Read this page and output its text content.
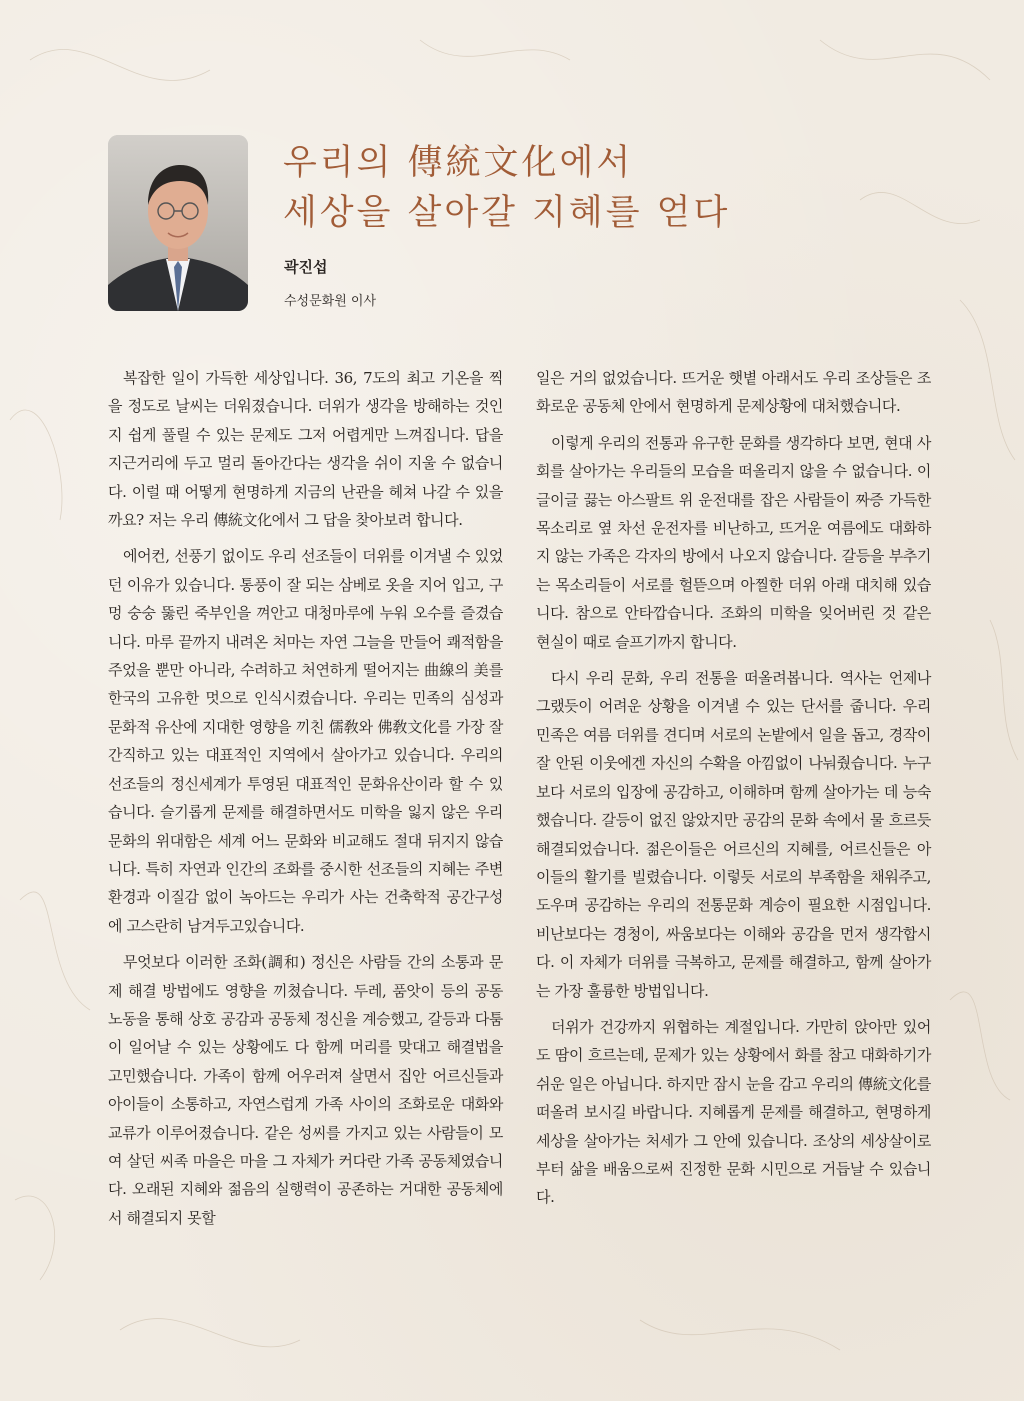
우리의 傳統文化에서
세상을 살아갈 지혜를 얻다
곽진섭
수성문화원 이사

복잡한 일이 가득한 세상입니다. 36, 7도의 최고 기온을 찍을 정도로 날씨는 더워졌습니다. 더위가 생각을 방해하는 것인지 쉽게 풀릴 수 있는 문제도 그저 어렵게만 느껴집니다. 답을 지근거리에 두고 멀리 돌아간다는 생각을 쉬이 지울 수 없습니다. 이럴 때 어떻게 현명하게 지금의 난관을 헤쳐 나갈 수 있을까요? 저는 우리 傳統文化에서 그 답을 찾아보려 합니다.

에어컨, 선풍기 없이도 우리 선조들이 더위를 이겨낼 수 있었던 이유가 있습니다. 통풍이 잘 되는 삼베로 옷을 지어 입고, 구멍 숭숭 뚫린 죽부인을 껴안고 대청마루에 누워 오수를 즐겼습니다. 마루 끝까지 내려온 처마는 자연 그늘을 만들어 쾌적함을 주었을 뿐만 아니라, 수려하고 처연하게 떨어지는 曲線의 美를 한국의 고유한 멋으로 인식시켰습니다. 우리는 민족의 심성과 문화적 유산에 지대한 영향을 끼친 儒敎와 佛敎文化를 가장 잘 간직하고 있는 대표적인 지역에서 살아가고 있습니다. 우리의 선조들의 정신세계가 투영된 대표적인 문화유산이라 할 수 있습니다. 슬기롭게 문제를 해결하면서도 미학을 잃지 않은 우리 문화의 위대함은 세계 어느 문화와 비교해도 절대 뒤지지 않습니다. 특히 자연과 인간의 조화를 중시한 선조들의 지혜는 주변 환경과 이질감 없이 녹아드는 우리가 사는 건축학적 공간구성에 고스란히 남겨두고있습니다.

무엇보다 이러한 조화(調和) 정신은 사람들 간의 소통과 문제 해결 방법에도 영향을 끼쳤습니다. 두레, 품앗이 등의 공동 노동을 통해 상호 공감과 공동체 정신을 계승했고, 갈등과 다툼이 일어날 수 있는 상황에도 다 함께 머리를 맞대고 해결법을 고민했습니다. 가족이 함께 어우러져 살면서 집안 어르신들과 아이들이 소통하고, 자연스럽게 가족 사이의 조화로운 대화와 교류가 이루어졌습니다. 같은 성씨를 가지고 있는 사람들이 모여 살던 씨족 마을은 마을 그 자체가 커다란 가족 공동체였습니다. 오래된 지혜와 젊음의 실행력이 공존하는 거대한 공동체에서 해결되지 못할

일은 거의 없었습니다. 뜨거운 햇볕 아래서도 우리 조상들은 조화로운 공동체 안에서 현명하게 문제상황에 대처했습니다.

이렇게 우리의 전통과 유구한 문화를 생각하다 보면, 현대 사회를 살아가는 우리들의 모습을 떠올리지 않을 수 없습니다. 이글이글 끓는 아스팔트 위 운전대를 잡은 사람들이 짜증 가득한 목소리로 옆 차선 운전자를 비난하고, 뜨거운 여름에도 대화하지 않는 가족은 각자의 방에서 나오지 않습니다. 갈등을 부추기는 목소리들이 서로를 헐뜯으며 아찔한 더위 아래 대치해 있습니다. 참으로 안타깝습니다. 조화의 미학을 잊어버린 것 같은 현실이 때로 슬프기까지 합니다.

다시 우리 문화, 우리 전통을 떠올려봅니다. 역사는 언제나 그랬듯이 어려운 상황을 이겨낼 수 있는 단서를 줍니다. 우리 민족은 여름 더위를 견디며 서로의 논밭에서 일을 돕고, 경작이 잘 안된 이웃에겐 자신의 수확을 아낌없이 나눠줬습니다. 누구보다 서로의 입장에 공감하고, 이해하며 함께 살아가는 데 능숙했습니다. 갈등이 없진 않았지만 공감의 문화 속에서 물 흐르듯 해결되었습니다. 젊은이들은 어르신의 지혜를, 어르신들은 아이들의 활기를 빌렸습니다. 이렇듯 서로의 부족함을 채워주고, 도우며 공감하는 우리의 전통문화 계승이 필요한 시점입니다. 비난보다는 경청이, 싸움보다는 이해와 공감을 먼저 생각합시다. 이 자체가 더위를 극복하고, 문제를 해결하고, 함께 살아가는 가장 훌륭한 방법입니다.

더위가 건강까지 위협하는 계절입니다. 가만히 앉아만 있어도 땀이 흐르는데, 문제가 있는 상황에서 화를 참고 대화하기가 쉬운 일은 아닙니다. 하지만 잠시 눈을 감고 우리의 傳統文化를 떠올려 보시길 바랍니다. 지혜롭게 문제를 해결하고, 현명하게 세상을 살아가는 처세가 그 안에 있습니다. 조상의 세상살이로부터 삶을 배움으로써 진정한 문화 시민으로 거듭날 수 있습니다.
